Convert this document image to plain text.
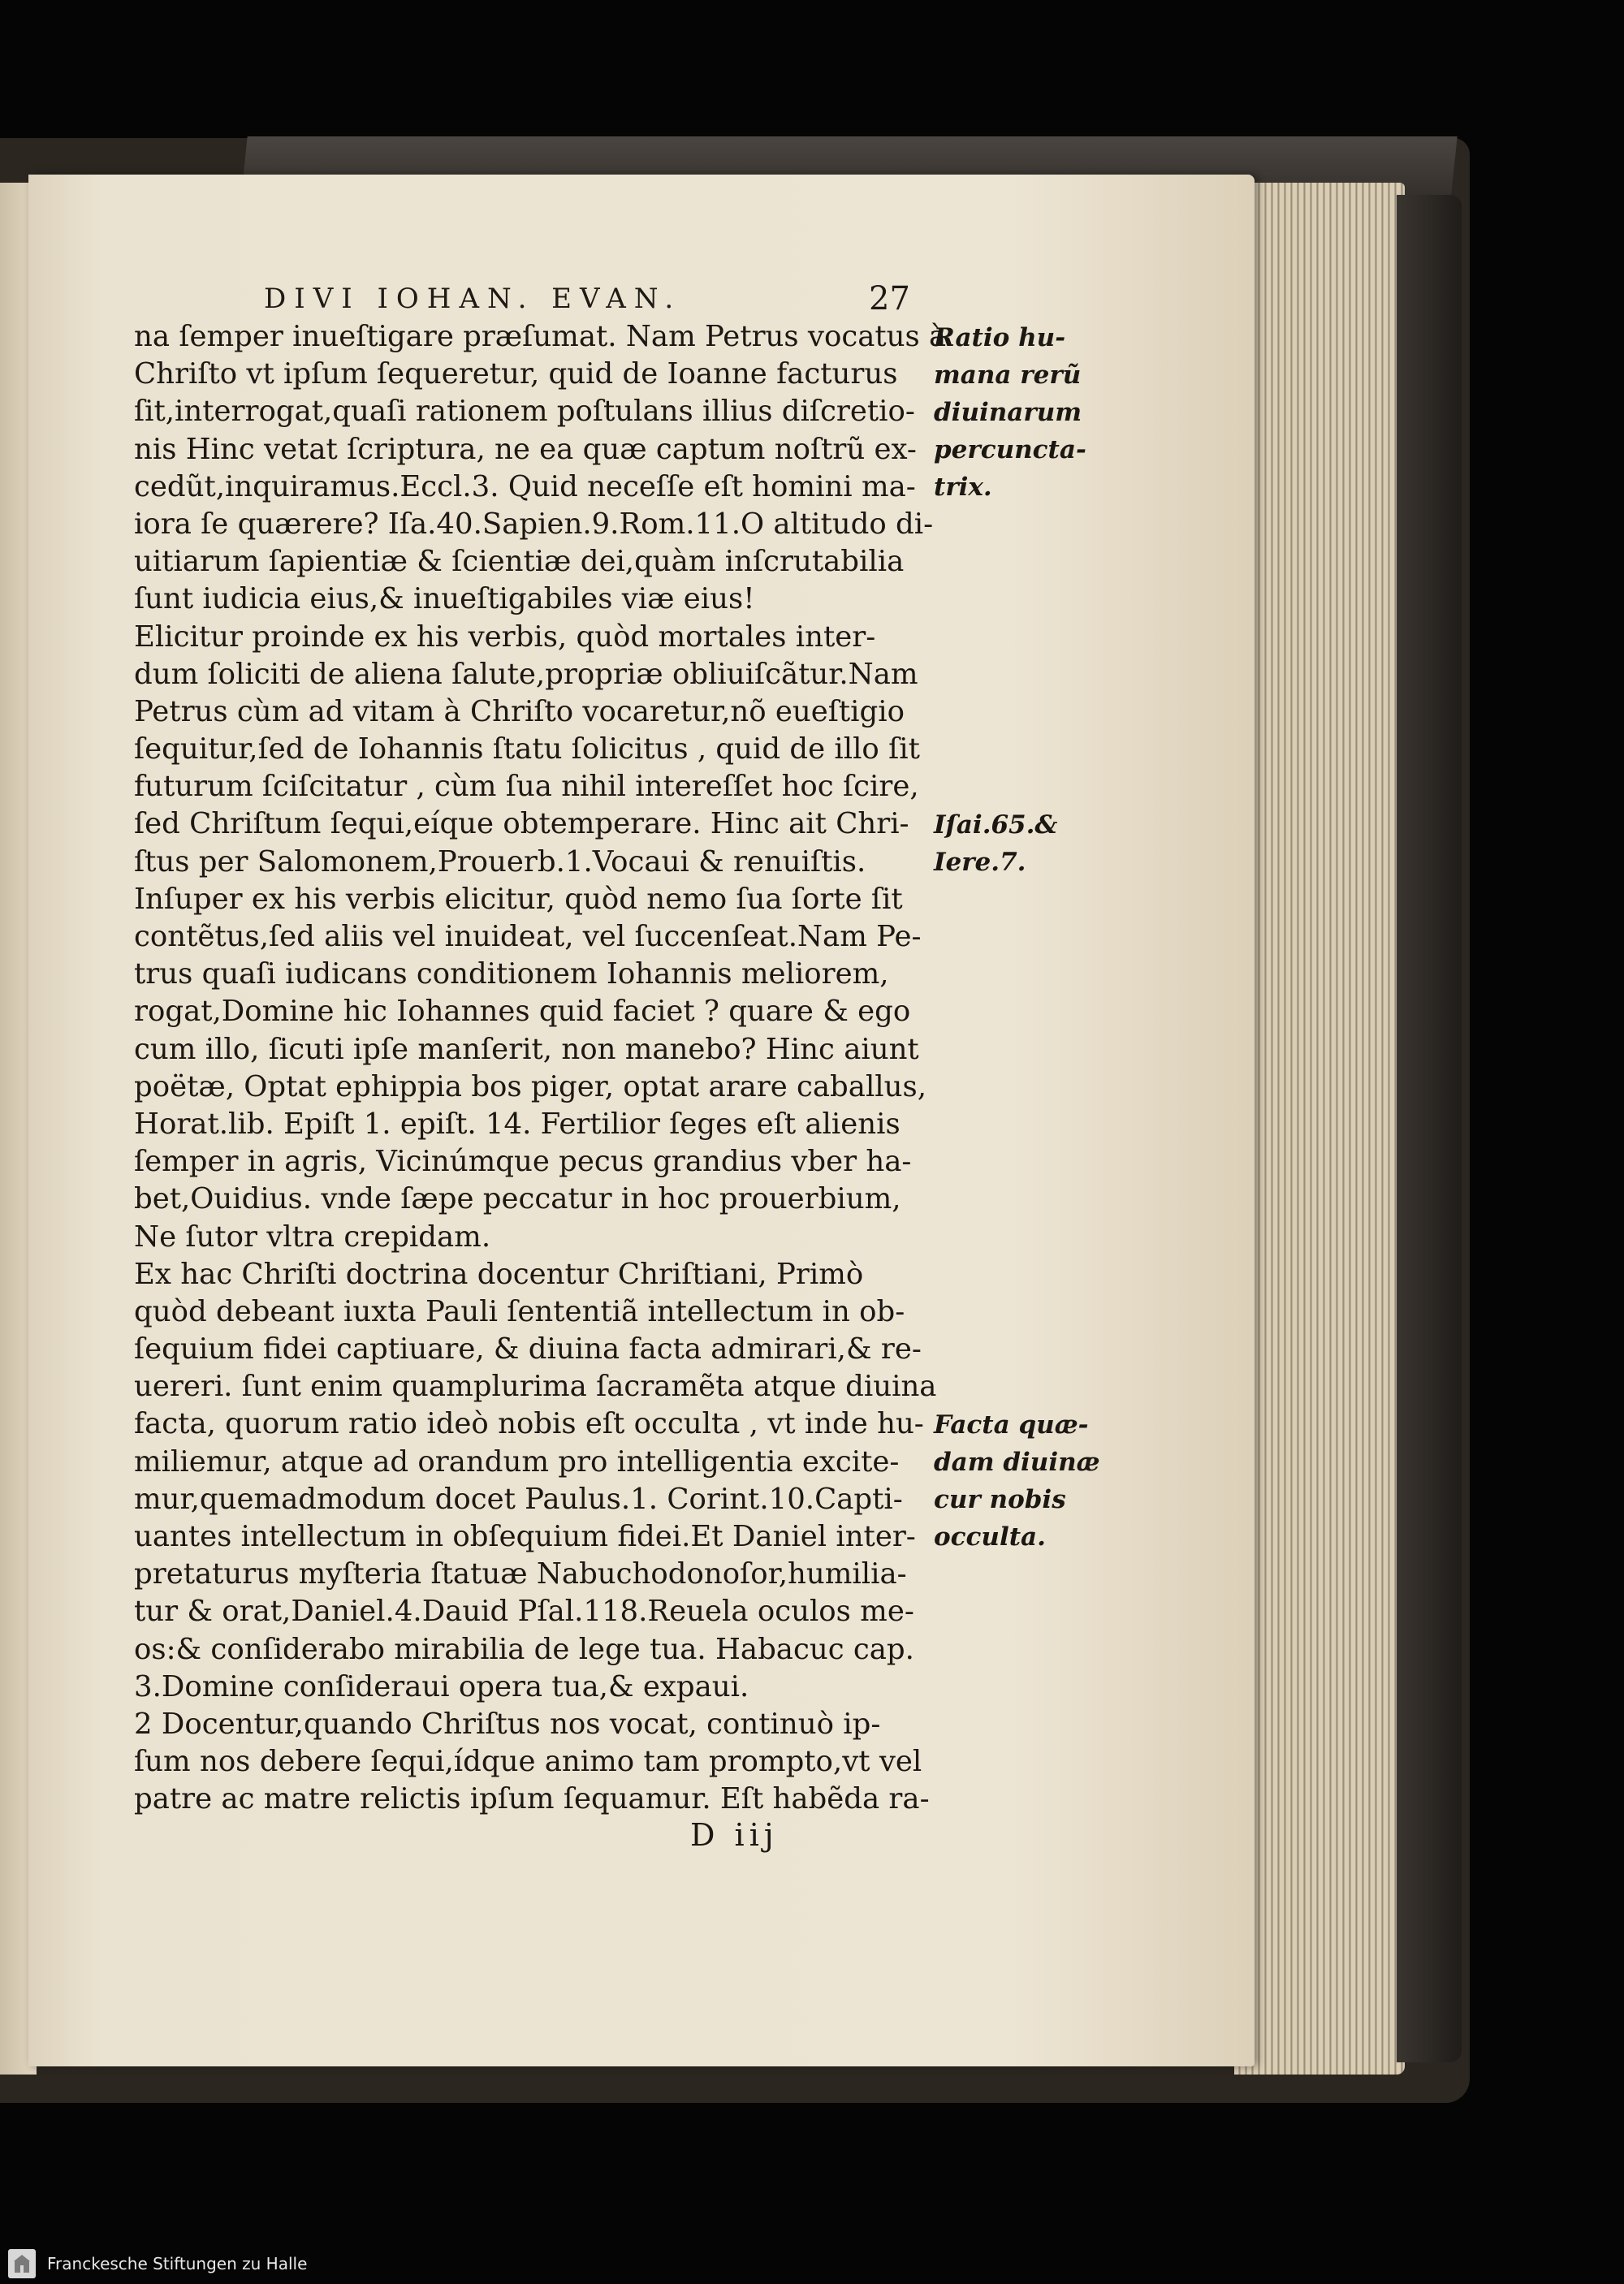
DIVI IOHAN. EVAN.	27
na ſemper inueſtigare præſumat. Nam Petrus vocatus à
Chriſto vt ipſum ſequeretur, quid de Ioanne facturus
ſit,interrogat,quaſi rationem poſtulans illius diſcretio-
nis Hinc vetat ſcriptura, ne ea quæ captum noſtrũ ex-
cedũt,inquiramus.Eccl.3. Quid neceſſe eſt homini ma-
iora ſe quærere? Iſa.40.Sapien.9.Rom.11.O altitudo di-
uitiarum ſapientiæ & ſcientiæ dei,quàm inſcrutabilia
ſunt iudicia eius,& inueſtigabiles viæ eius!
Elicitur proinde ex his verbis, quòd mortales inter-
dum ſoliciti de aliena ſalute,propriæ obliuiſcãtur.Nam
Petrus cùm ad vitam à Chriſto vocaretur,nõ eueſtigio
ſequitur,ſed de Iohannis ſtatu ſolicitus , quid de illo ſit
futurum ſciſcitatur , cùm ſua nihil intereſſet hoc ſcire,
ſed Chriſtum ſequi,eíque obtemperare. Hinc ait Chri-
ſtus per Salomonem,Prouerb.1.Vocaui & renuiſtis.
Inſuper ex his verbis elicitur, quòd nemo ſua ſorte ſit
contẽtus,ſed aliis vel inuideat, vel ſuccenſeat.Nam Pe-
trus quaſi iudicans conditionem Iohannis meliorem,
rogat,Domine hic Iohannes quid faciet ? quare & ego
cum illo, ſicuti ipſe manſerit, non manebo? Hinc aiunt
poëtæ, Optat ephippia bos piger, optat arare caballus,
Horat.lib. Epiſt 1. epiſt. 14. Fertilior ſeges eſt alienis
ſemper in agris, Vicinúmque pecus grandius vber ha-
bet,Ouidius. vnde ſæpe peccatur in hoc prouerbium,
Ne ſutor vltra crepidam.
Ex hac Chriſti doctrina docentur Chriſtiani, Primò
quòd debeant iuxta Pauli ſententiã intellectum in ob-
ſequium fidei captiuare, & diuina facta admirari,& re-
uereri. ſunt enim quamplurima ſacramẽta atque diuina
facta, quorum ratio ideò nobis eſt occulta , vt inde hu-
miliemur, atque ad orandum pro intelligentia excite-
mur,quemadmodum docet Paulus.1. Corint.10.Capti-
uantes intellectum in obſequium fidei.Et Daniel inter-
pretaturus myſteria ſtatuæ Nabuchodonoſor,humilia-
tur & orat,Daniel.4.Dauid Pſal.118.Reuela oculos me-
os:& conſiderabo mirabilia de lege tua. Habacuc cap.
3.Domine conſideraui opera tua,& expaui.
2 Docentur,quando Chriſtus nos vocat, continuò ip-
ſum nos debere ſequi,ídque animo tam prompto,vt vel
patre ac matre relictis ipſum ſequamur. Eſt habẽda ra-
Ratio hu-
mana rerũ
diuinarum
percuncta-
trix.
Iſai.65.&
Iere.7.
Facta quæ-
dam diuinæ
cur nobis
occulta.
D iij
Franckesche Stiftungen zu Halle
